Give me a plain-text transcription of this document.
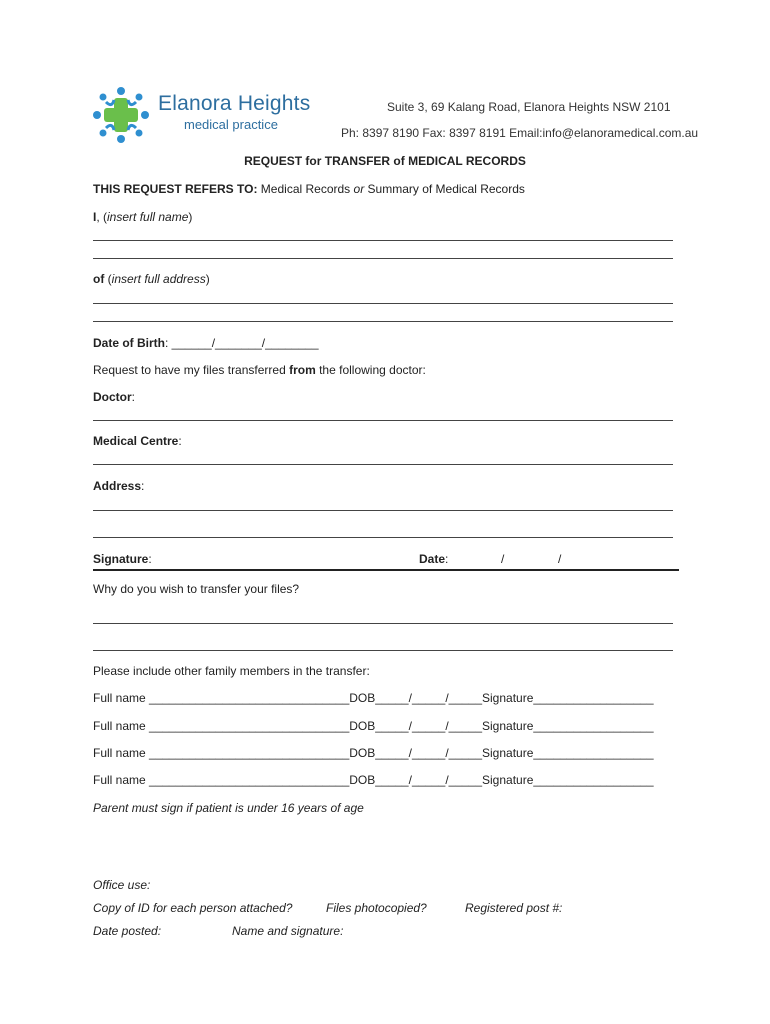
Elanora Heights
medical practice
Suite 3, 69 Kalang Road, Elanora Heights NSW 2101
Ph: 8397 8190 Fax: 8397 8191 Email:info@elanoramedical.com.au
REQUEST for TRANSFER of MEDICAL RECORDS
THIS REQUEST REFERS TO: Medical Records or Summary of Medical Records
I, (insert full name)
of (insert full address)
Date of Birth: ______/_______/________
Request to have my files transferred from the following doctor:
Doctor:
Medical Centre:
Address:
Signature:	Date:	/	/
Why do you wish to transfer your files?
Please include other family members in the transfer:
Full name ______________________________DOB_____/_____/_____Signature__________________
Full name ______________________________DOB_____/_____/_____Signature__________________
Full name ______________________________DOB_____/_____/_____Signature__________________
Full name ______________________________DOB_____/_____/_____Signature__________________
Parent must sign if patient is under 16 years of age
Office use:
Copy of ID for each person attached?	Files photocopied?	Registered post #:
Date posted:	Name and signature:
